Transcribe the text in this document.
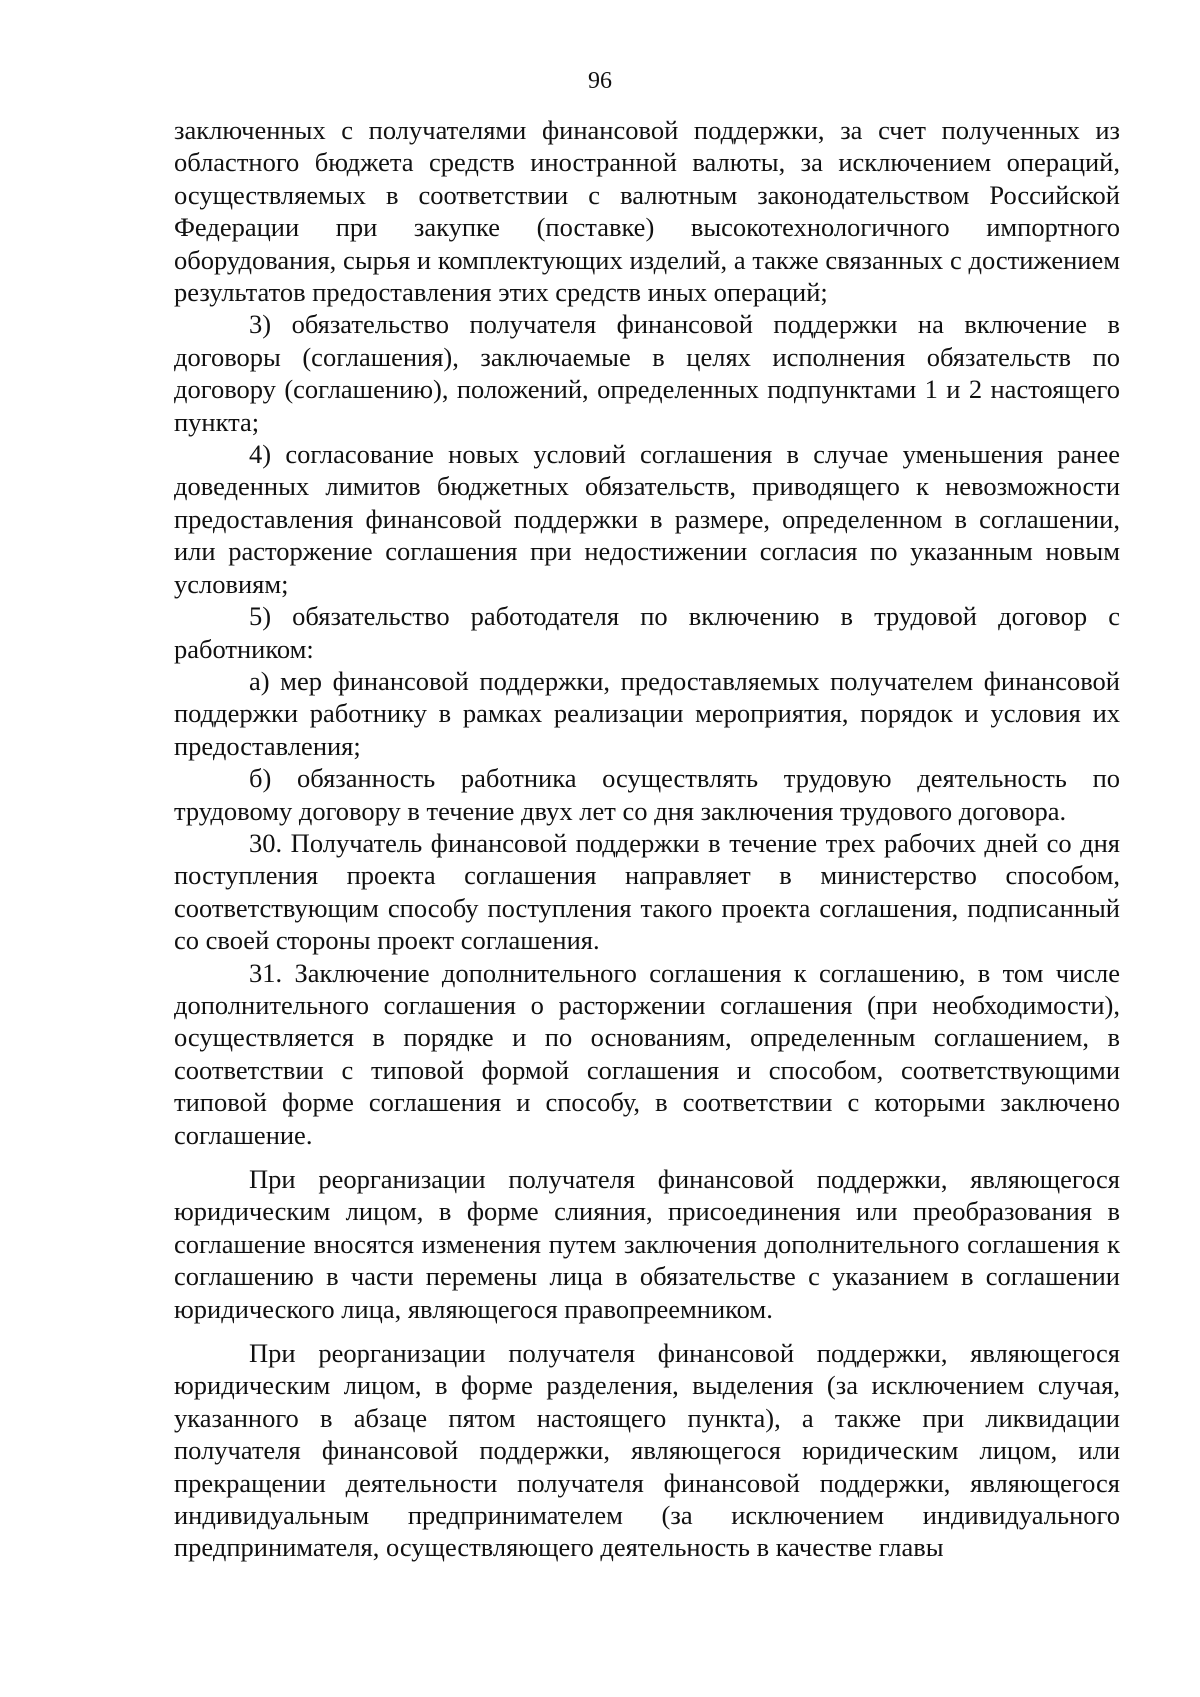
96

заключенных с получателями финансовой поддержки, за счет полученных из областного бюджета средств иностранной валюты, за исключением операций, осуществляемых в соответствии с валютным законодательством Российской Федерации при закупке (поставке) высокотехнологичного импортного оборудования, сырья и комплектующих изделий, а также связанных с достижением результатов предоставления этих средств иных операций;

3) обязательство получателя финансовой поддержки на включение в договоры (соглашения), заключаемые в целях исполнения обязательств по договору (соглашению), положений, определенных подпунктами 1 и 2 настоящего пункта;

4) согласование новых условий соглашения в случае уменьшения ранее доведенных лимитов бюджетных обязательств, приводящего к невозможности предоставления финансовой поддержки в размере, определенном в соглашении, или расторжение соглашения при недостижении согласия по указанным новым условиям;

5) обязательство работодателя по включению в трудовой договор с работником:

а) мер финансовой поддержки, предоставляемых получателем финансовой поддержки работнику в рамках реализации мероприятия, порядок и условия их предоставления;

б) обязанность работника осуществлять трудовую деятельность по трудовому договору в течение двух лет со дня заключения трудового договора.

30. Получатель финансовой поддержки в течение трех рабочих дней со дня поступления проекта соглашения направляет в министерство способом, соответствующим способу поступления такого проекта соглашения, подписанный со своей стороны проект соглашения.

31. Заключение дополнительного соглашения к соглашению, в том числе дополнительного соглашения о расторжении соглашения (при необходимости), осуществляется в порядке и по основаниям, определенным соглашением, в соответствии с типовой формой соглашения и способом, соответствующими типовой форме соглашения и способу, в соответствии с которыми заключено соглашение.

При реорганизации получателя финансовой поддержки, являющегося юридическим лицом, в форме слияния, присоединения или преобразования в соглашение вносятся изменения путем заключения дополнительного соглашения к соглашению в части перемены лица в обязательстве с указанием в соглашении юридического лица, являющегося правопреемником.

При реорганизации получателя финансовой поддержки, являющегося юридическим лицом, в форме разделения, выделения (за исключением случая, указанного в абзаце пятом настоящего пункта), а также при ликвидации получателя финансовой поддержки, являющегося юридическим лицом, или прекращении деятельности получателя финансовой поддержки, являющегося индивидуальным предпринимателем (за исключением индивидуального предпринимателя, осуществляющего деятельность в качестве главы
